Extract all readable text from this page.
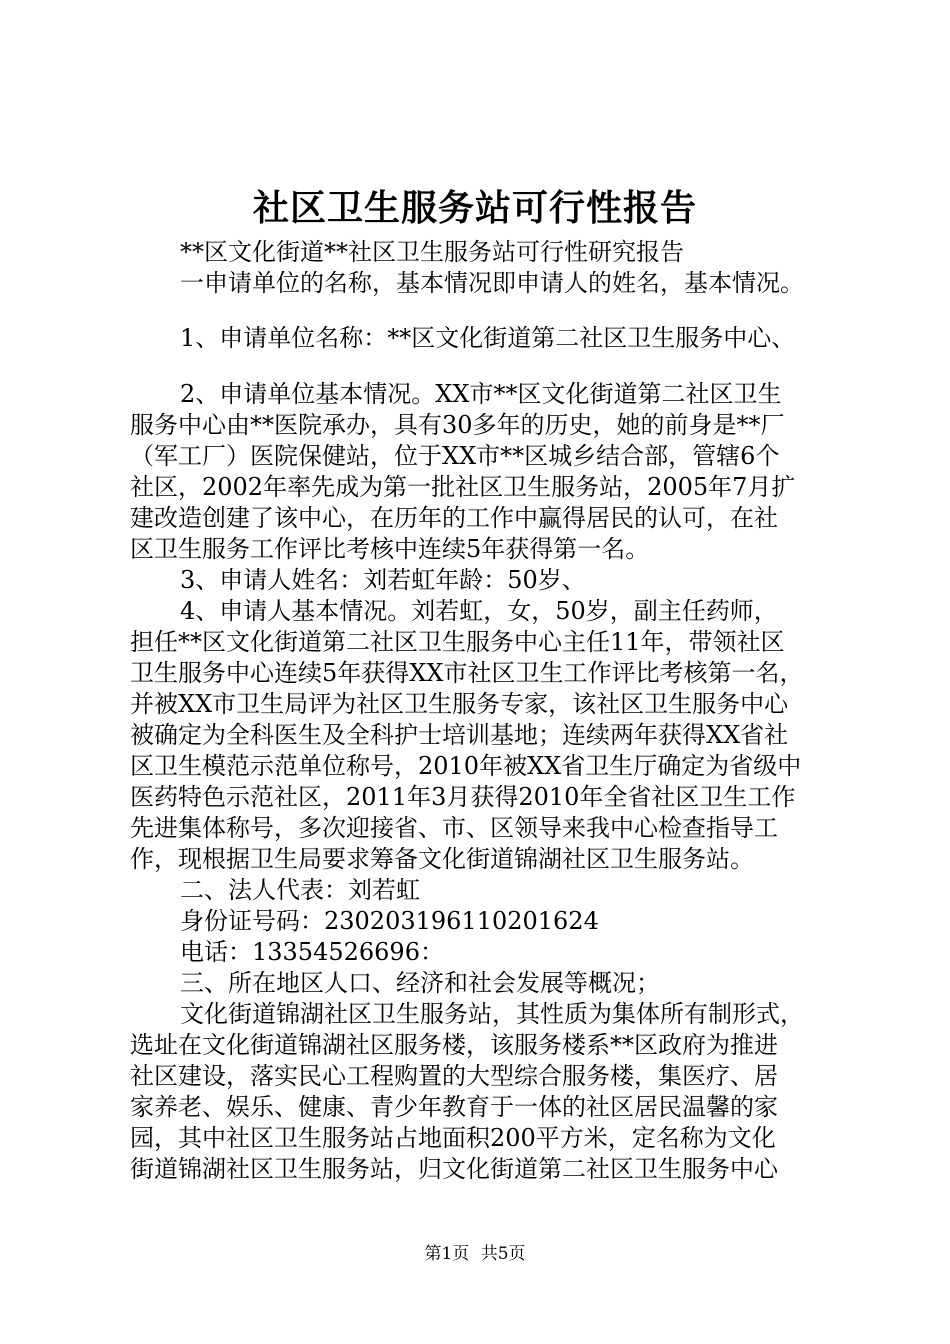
社区卫生服务站可行性报告
**区文化街道**社区卫生服务站可行性研究报告
一申请单位的名称，基本情况即申请人的姓名，基本情况。
1、申请单位名称：**区文化街道第二社区卫生服务中心、
2、申请单位基本情况。XX市**区文化街道第二社区卫生
服务中心由**医院承办，具有30多年的历史，她的前身是**厂
（军工厂）医院保健站，位于XX市**区城乡结合部，管辖6个
社区，2002年率先成为第一批社区卫生服务站，2005年7月扩
建改造创建了该中心，在历年的工作中赢得居民的认可，在社
区卫生服务工作评比考核中连续5年获得第一名。
3、申请人姓名：刘若虹年龄：50岁、
4、申请人基本情况。刘若虹，女，50岁，副主任药师，
担任**区文化街道第二社区卫生服务中心主任11年，带领社区
卫生服务中心连续5年获得XX市社区卫生工作评比考核第一名，
并被XX市卫生局评为社区卫生服务专家，该社区卫生服务中心
被确定为全科医生及全科护士培训基地；连续两年获得XX省社
区卫生模范示范单位称号，2010年被XX省卫生厅确定为省级中
医药特色示范社区，2011年3月获得2010年全省社区卫生工作
先进集体称号，多次迎接省、市、区领导来我中心检查指导工
作，现根据卫生局要求筹备文化街道锦湖社区卫生服务站。
二、法人代表：刘若虹
身份证号码：230203196110201624
电话：13354526696：
三、所在地区人口、经济和社会发展等概况；
文化街道锦湖社区卫生服务站，其性质为集体所有制形式，
选址在文化街道锦湖社区服务楼，该服务楼系**区政府为推进
社区建设，落实民心工程购置的大型综合服务楼，集医疗、居
家养老、娱乐、健康、青少年教育于一体的社区居民温馨的家
园，其中社区卫生服务站占地面积200平方米，定名称为文化
街道锦湖社区卫生服务站，归文化街道第二社区卫生服务中心
第1页 共5页
